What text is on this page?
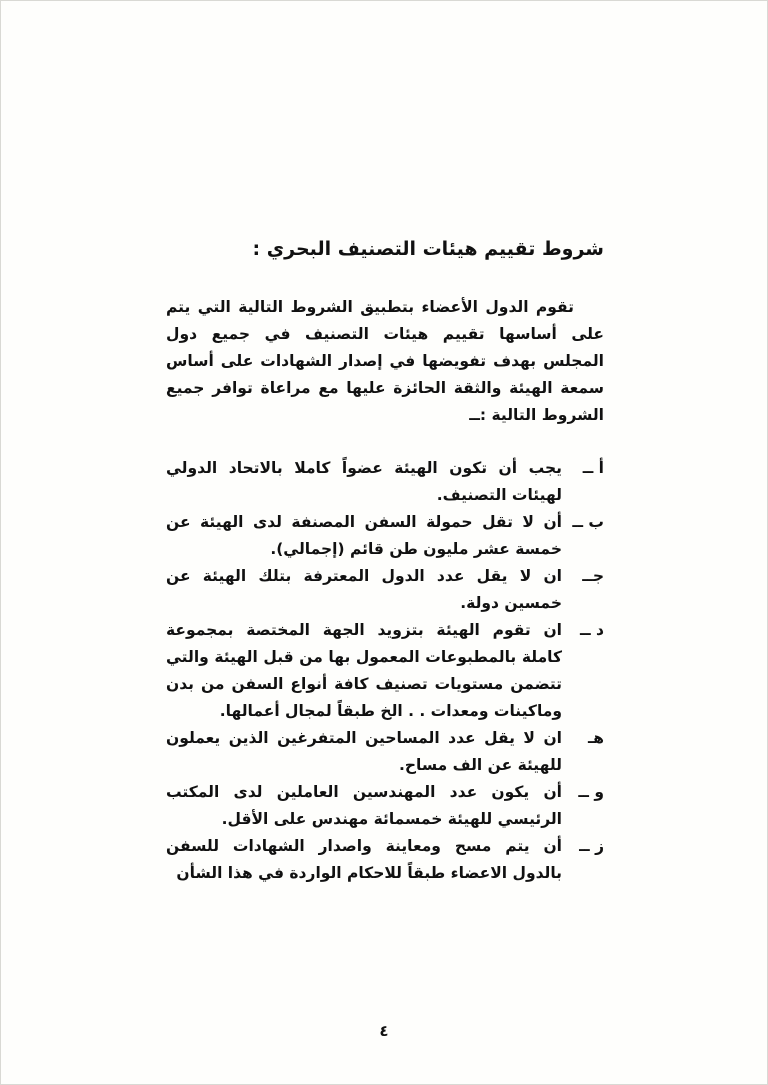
شروط تقييم هيئات التصنيف البحري :

تقوم الدول الأعضاء بتطبيق الشروط التالية التي يتم على أساسها تقييم هيئات التصنيف في جميع دول المجلس بهدف تفويضها في إصدار الشهادات على أساس سمعة الهيئة والثقة الحائزة عليها مع مراعاة توافر جميع الشروط التالية :ــ

أ ــ
يجب أن تكون الهيئة عضواً كاملا بالاتحاد الدولي لهيئات التصنيف.
ب ــ
أن لا تقل حمولة السفن المصنفة لدى الهيئة عن خمسة عشر مليون طن قائم (إجمالي).
جــ
ان لا يقل عدد الدول المعترفة بتلك الهيئة عن خمسين دولة.
د ــ
ان تقوم الهيئة بتزويد الجهة المختصة بمجموعة كاملة بالمطبوعات المعمول بها من قبل الهيئة والتي تتضمن مستويات تصنيف كافة أنواع السفن من بدن وماكينات ومعدات . . الخ طبقاً لمجال أعمالها.
هـ
ان لا يقل عدد المساحين المتفرغين الذين يعملون للهيئة عن الف مساح.
و ــ
أن يكون عدد المهندسين العاملين لدى المكتب الرئيسي للهيئة خمسمائة مهندس على الأقل.
ز ــ
أن يتم مسح ومعاينة واصدار الشهادات للسفن بالدول الاعضاء طبقاً للاحكام الواردة في هذا الشأن
٤
